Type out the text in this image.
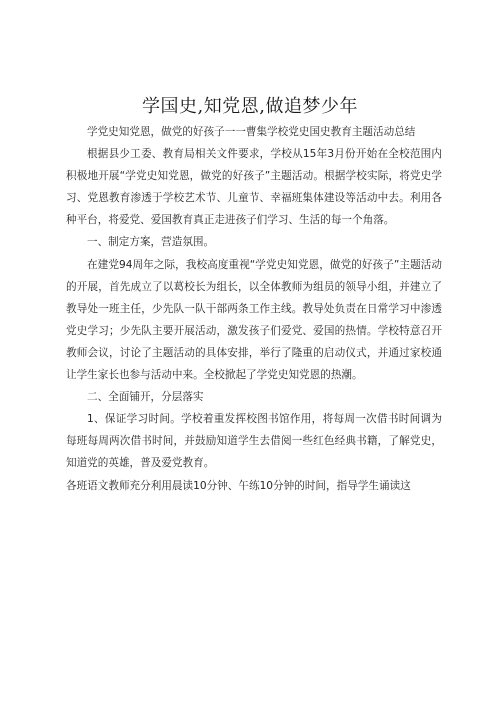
学国史,知党恩,做追梦少年

学党史知党恩，做党的好孩子一一曹集学校党史国史教育主题活动总结

根据县少工委、教育局相关文件要求，学校从15年3月份开始在全校范围内积极地开展“学党史知党恩，做党的好孩子”主题活动。根据学校实际，将党史学习、党恩教育渗透于学校艺术节、儿童节、幸福班集体建设等活动中去。利用各种平台，将爱党、爱国教育真正走进孩子们学习、生活的每一个角落。

一、制定方案，营造氛围。

在建党94周年之际，我校高度重视“学党史知党恩，做党的好孩子”主题活动的开展，首先成立了以葛校长为组长，以全体教师为组员的领导小组，并建立了教导处一班主任，少先队一队干部两条工作主线。教导处负责在日常学习中渗透党史学习；少先队主要开展活动，激发孩子们爱党、爱国的热情。学校特意召开教师会议，讨论了主题活动的具体安排，举行了隆重的启动仪式，并通过家校通让学生家长也参与活动中来。全校掀起了学党史知党恩的热潮。

二、全面铺开，分层落实

1、保证学习时间。学校着重发挥校图书馆作用，将每周一次借书时间调为每班每周两次借书时间，并鼓励知道学生去借阅一些红色经典书籍，了解党史，知道党的英雄，普及爱党教育。

各班语文教师充分利用晨读10分钟、午练10分钟的时间，指导学生诵读这
